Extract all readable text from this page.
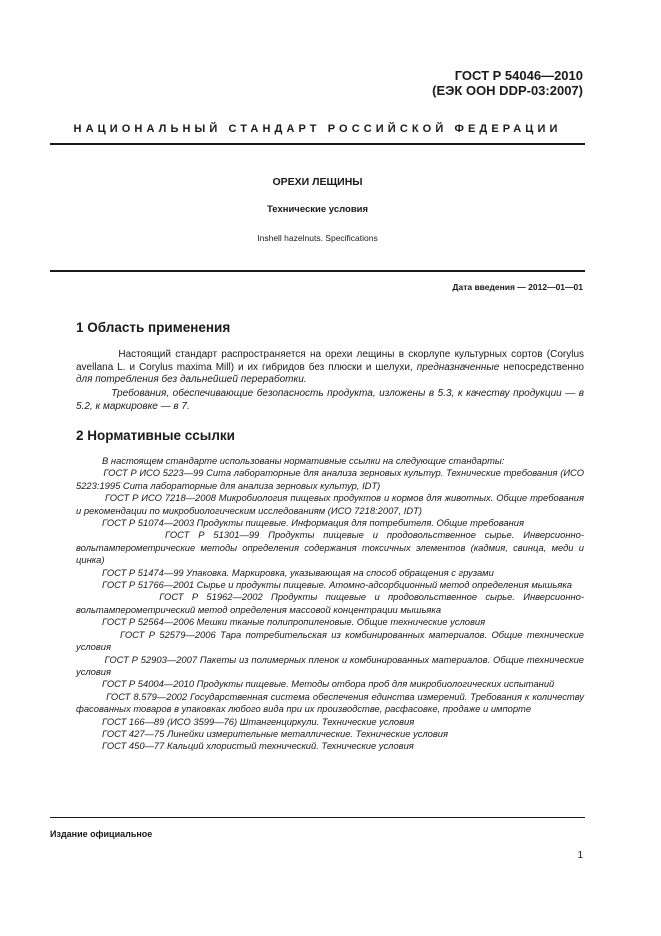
ГОСТ Р 54046—2010
(ЕЭК ООН DDP-03:2007)
НАЦИОНАЛЬНЫЙ СТАНДАРТ РОССИЙСКОЙ ФЕДЕРАЦИИ
ОРЕХИ ЛЕЩИНЫ
Технические условия
Inshell hazelnuts. Specifications
Дата введения — 2012—01—01
1 Область применения

Настоящий стандарт распространяется на орехи лещины в скорлупе культурных сортов (Corylus avellana L. и Corylus maxima Mill) и их гибридов без плюски и шелухи, предназначенные непосредственно для потребления без дальнейшей переработки.

Требования, обеспечивающие безопасность продукта, изложены в 5.3, к качеству продукции — в 5.2, к маркировке — в 7.

2 Нормативные ссылки
В настоящем стандарте использованы нормативные ссылки на следующие стандарты:
ГОСТ Р ИСО 5223—99 Сита лабораторные для анализа зерновых культур. Технические требования (ИСО 5223:1995 Сита лабораторные для анализа зерновых культур, IDT)
ГОСТ Р ИСО 7218—2008 Микробиология пищевых продуктов и кормов для животных. Общие требования и рекомендации по микробиологическим исследованиям (ИСО 7218:2007, IDT)
ГОСТ Р 51074—2003 Продукты пищевые. Информация для потребителя. Общие требования
ГОСТ Р 51301—99 Продукты пищевые и продовольственное сырье. Инверсионно-вольтамперометрические методы определения содержания токсичных элементов (кадмия, свинца, меди и цинка)
ГОСТ Р 51474—99 Упаковка. Маркировка, указывающая на способ обращения с грузами
ГОСТ Р 51766—2001 Сырье и продукты пищевые. Атомно-адсорбционный метод определения мышьяка
ГОСТ Р 51962—2002 Продукты пищевые и продовольственное сырье. Инверсионно-вольтамперометрический метод определения массовой концентрации мышьяка
ГОСТ Р 52564—2006 Мешки тканые полипропиленовые. Общие технические условия
ГОСТ Р 52579—2006 Тара потребительская из комбинированных материалов. Общие технические условия
ГОСТ Р 52903—2007 Пакеты из полимерных пленок и комбинированных материалов. Общие технические условия
ГОСТ Р 54004—2010 Продукты пищевые. Методы отбора проб для микробиологических испытаний
ГОСТ 8.579—2002 Государственная система обеспечения единства измерений. Требования к количеству фасованных товаров в упаковках любого вида при их производстве, расфасовке, продаже и импорте
ГОСТ 166—89 (ИСО 3599—76) Штангенциркули. Технические условия
ГОСТ 427—75 Линейки измерительные металлические. Технические условия
ГОСТ 450—77 Кальций хлористый технический. Технические условия
Издание официальное
1
